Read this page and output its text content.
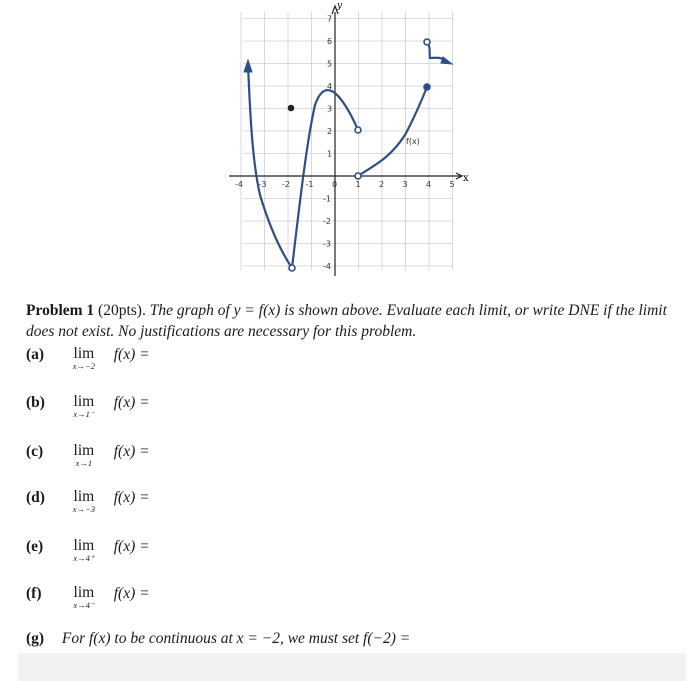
y
x
-4 -3 -2 -1 0 1 2 3 4 5
7
6
5
4
3
2
1
-1
-2
-3
-4
f(x)
Problem 1 (20pts). The graph of y = f(x) is shown above. Evaluate each limit, or write DNE if the limit does not exist. No justifications are necessary for this problem.
(a)	lim
x→−2
f(x) =
(b)	lim
x→1⁻
f(x) =
(c)	lim
x→1
f(x) =
(d)	lim
x→−3
f(x) =
(e)	lim
x→4⁺
f(x) =
(f)	lim
x→4⁻
f(x) =
(g) For f(x) to be continuous at x = −2, we must set f(−2) =
